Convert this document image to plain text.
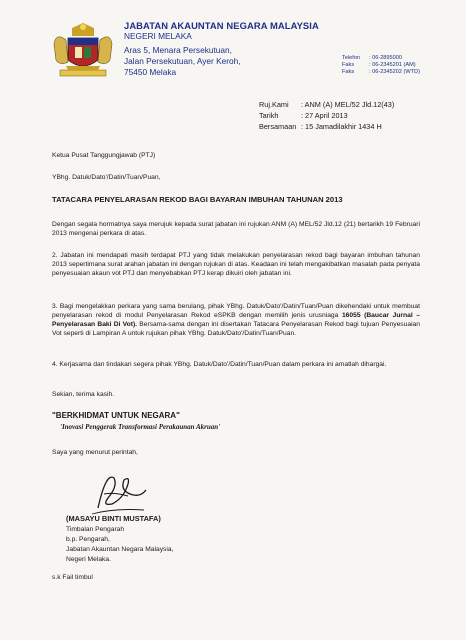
JABATAN AKAUNTAN NEGARA MALAYSIA
NEGERI MELAKA
Aras 5, Menara Persekutuan,
Jalan Persekutuan, Ayer Keroh,
75450 Melaka
Telefon : 06-2895000
Faks	: 06-2345201 (AM)
Faks	: 06-2345202 (WTD)
Ruj.Kami : ANM (A) MEL/52 Jld.12(43)
Tarikh	: 27 April 2013
Bersamaan : 15 Jamadilakhir 1434 H
Ketua Pusat Tanggungjawab (PTJ)
YBhg. Datuk/Dato'/Datin/Tuan/Puan,
TATACARA PENYELARASAN REKOD BAGI BAYARAN IMBUHAN TAHUNAN 2013
Dengan segala hormatnya saya merujuk kepada surat jabatan ini rujukan ANM (A) MEL/52 Jld.12 (21) bertarikh 19 Februari 2013 mengenai perkara di atas.
2. Jabatan ini mendapati masih terdapat PTJ yang tidak melakukan penyelarasan rekod bagi bayaran imbuhan tahunan 2013 sepertimana surat arahan jabatan ini dengan rujukan di atas. Keadaan ini telah mengakibatkan masalah pada penyata penyesuaian akaun vot PTJ dan menyebabkan PTJ kerap dikuiri oleh jabatan ini.
3. Bagi mengelakkan perkara yang sama berulang, pihak YBhg. Datuk/Dato'/Datin/Tuan/Puan dikehendaki untuk membuat penyelarasan rekod di modul Penyelarasan Rekod eSPKB dengan memilih jenis urusniaga 16055 (Baucar Jurnal – Penyelarasan Baki Di Vot). Bersama-sama dengan ini disertakan Tatacara Penyelarasan Rekod bagi tujuan Penyesuaian Vot seperti di Lampiran A untuk rujukan pihak YBhg. Datuk/Dato'/Datin/Tuan/Puan.
4. Kerjasama dan tindakan segera pihak YBhg. Datuk/Dato'/Datin/Tuan/Puan dalam perkara ini amatlah dihargai.
Sekian, terima kasih.
"BERKHIDMAT UNTUK NEGARA"
'Inovasi Penggerak Transformasi Perakaunan Akruan'
Saya yang menurut perintah,
(MASAYU BINTI MUSTAFA)
Timbalan Pengarah
b.p. Pengarah,
Jabatan Akauntan Negara Malaysia,
Negeri Melaka.
s.k Fail timbul
